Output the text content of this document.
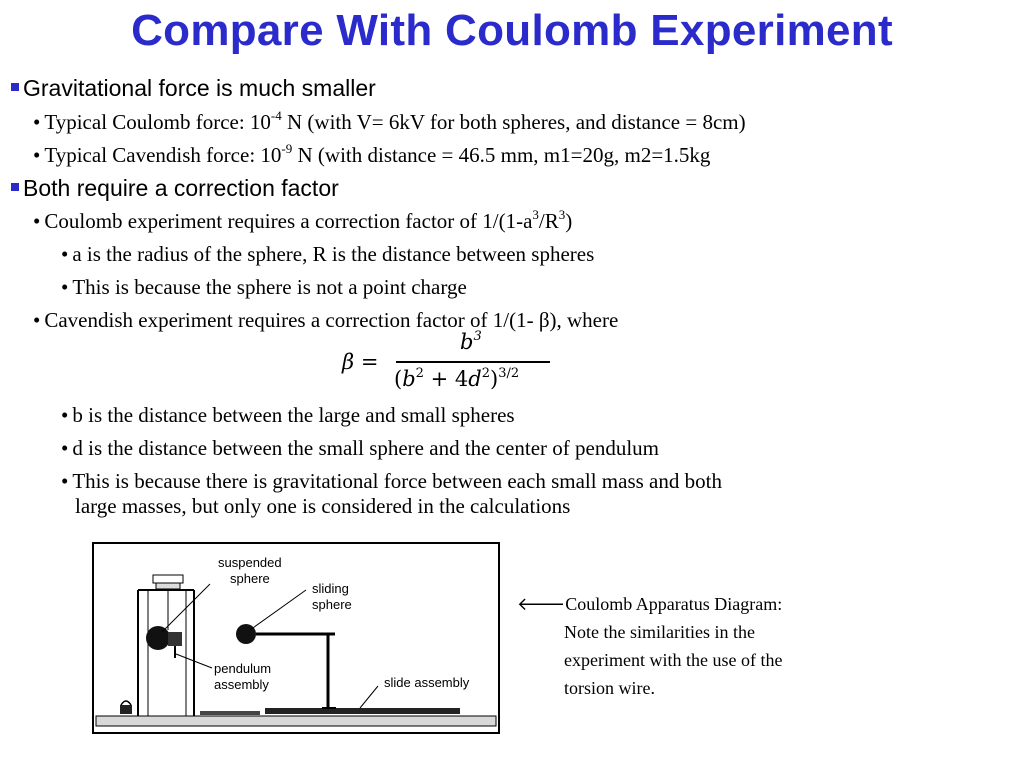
Compare With Coulomb Experiment
Gravitational force is much smaller
• Typical Coulomb force: $10^{-4}$ N (with V= 6kV for both spheres, and distance = 8cm)
• Typical Cavendish force: $10^{-9}$ N (with distance = 46.5 mm, m1=20g, m2=1.5kg
Both require a correction factor
• Coulomb experiment requires a correction factor of $1/(1-a^3/R^3)$
• a is the radius of the sphere, R is the distance between spheres
• This is because the sphere is not a point charge
• Cavendish experiment requires a correction factor of 1/(1- β), where
β =
$b^3$
$(b^2 + 4d^2)^{3/2}$
• b is the distance between the large and small spheres
• d is the distance between the small sphere and the center of pendulum
• This is because there is gravitational force between each small mass and both
large masses, but only one is considered in the calculations
suspended
sphere
sliding
sphere
pendulum
assembly	slide assembly
🡐Coulomb Apparatus Diagram:
Note the similarities in the
experiment with the use of the
torsion wire.
